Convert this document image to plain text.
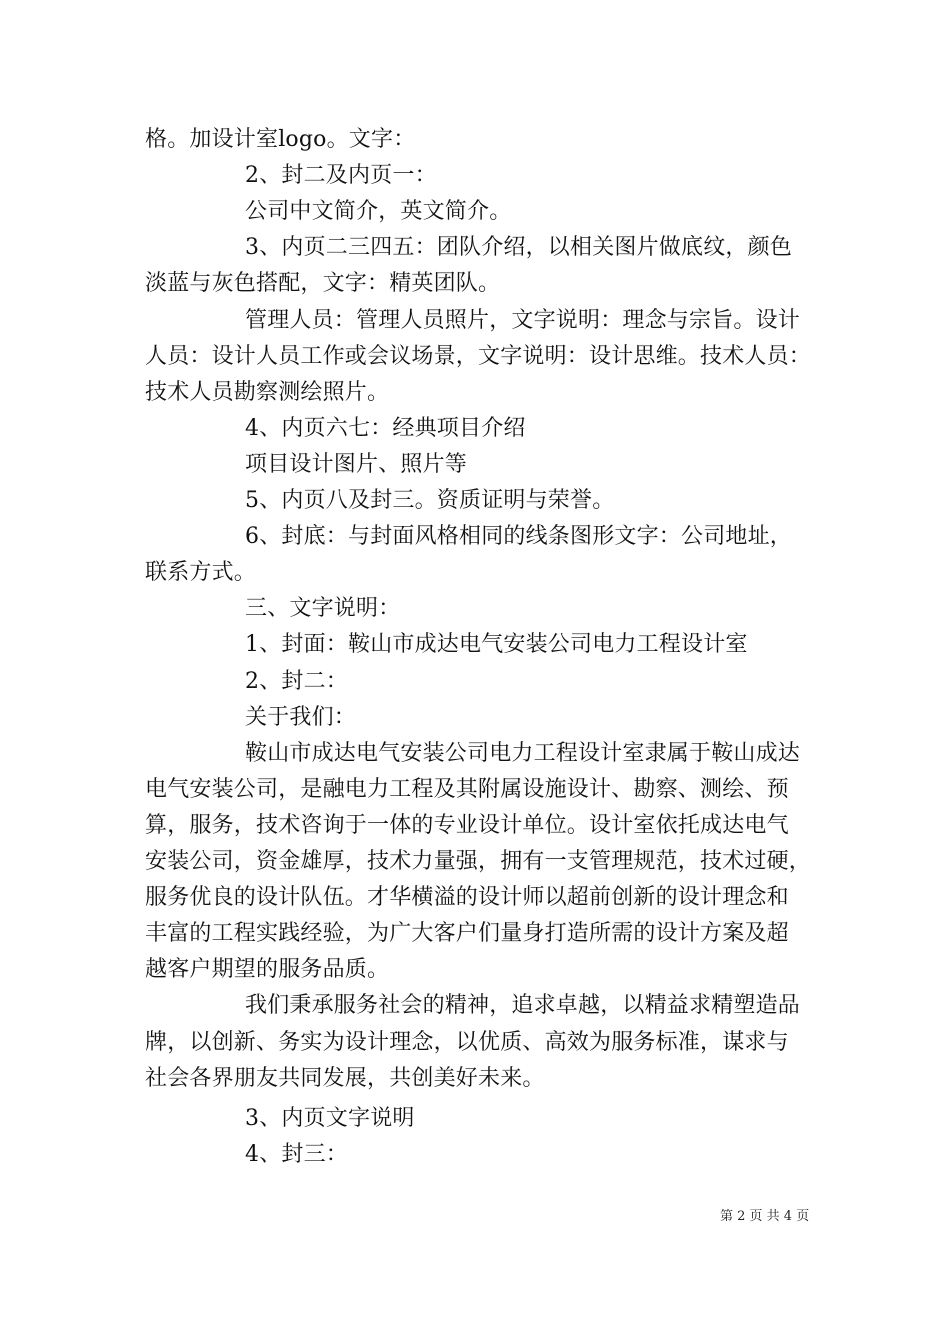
格。加设计室logo。文字：
2、封二及内页一：
公司中文简介，英文简介。
3、内页二三四五：团队介绍，以相关图片做底纹，颜色
淡蓝与灰色搭配，文字：精英团队。
管理人员：管理人员照片，文字说明：理念与宗旨。设计
人员：设计人员工作或会议场景，文字说明：设计思维。技术人员：
技术人员勘察测绘照片。
4、内页六七：经典项目介绍
项目设计图片、照片等
5、内页八及封三。资质证明与荣誉。
6、封底：与封面风格相同的线条图形文字：公司地址，
联系方式。
三、文字说明：
1、封面：鞍山市成达电气安装公司电力工程设计室
2、封二：
关于我们：
鞍山市成达电气安装公司电力工程设计室隶属于鞍山成达
电气安装公司，是融电力工程及其附属设施设计、勘察、测绘、预
算，服务，技术咨询于一体的专业设计单位。设计室依托成达电气
安装公司，资金雄厚，技术力量强，拥有一支管理规范，技术过硬，
服务优良的设计队伍。才华横溢的设计师以超前创新的设计理念和
丰富的工程实践经验，为广大客户们量身打造所需的设计方案及超
越客户期望的服务品质。
我们秉承服务社会的精神，追求卓越，以精益求精塑造品
牌，以创新、务实为设计理念，以优质、高效为服务标准，谋求与
社会各界朋友共同发展，共创美好未来。
3、内页文字说明
4、封三：
第 2 页 共 4 页
